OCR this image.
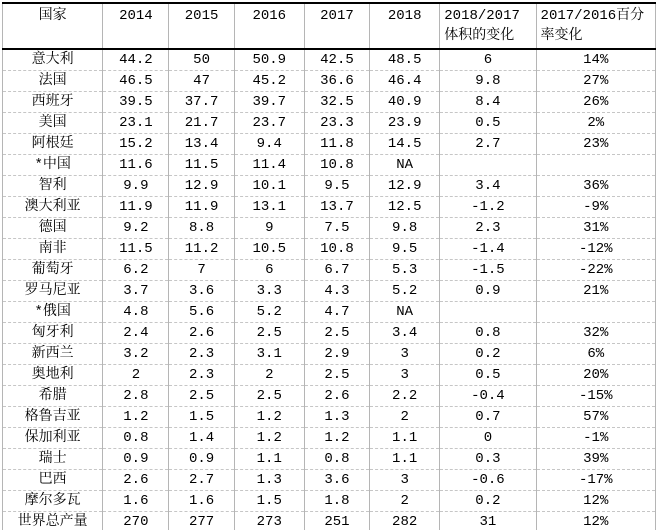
国家	2014	2015	2016	2017	2018	2018/2017体积的变化	2017/2016百分率变化
意大利	44.2	50	50.9	42.5	48.5	6	14%
法国	46.5	47	45.2	36.6	46.4	9.8	27%
西班牙	39.5	37.7	39.7	32.5	40.9	8.4	26%
美国	23.1	21.7	23.7	23.3	23.9	0.5	2%
阿根廷	15.2	13.4	9.4	11.8	14.5	2.7	23%
*中国	11.6	11.5	11.4	10.8	NA		
智利	9.9	12.9	10.1	9.5	12.9	3.4	36%
澳大利亚	11.9	11.9	13.1	13.7	12.5	-1.2	-9%
德国	9.2	8.8	9	7.5	9.8	2.3	31%
南非	11.5	11.2	10.5	10.8	9.5	-1.4	-12%
葡萄牙	6.2	7	6	6.7	5.3	-1.5	-22%
罗马尼亚	3.7	3.6	3.3	4.3	5.2	0.9	21%
*俄国	4.8	5.6	5.2	4.7	NA		
匈牙利	2.4	2.6	2.5	2.5	3.4	0.8	32%
新西兰	3.2	2.3	3.1	2.9	3	0.2	6%
奥地利	2	2.3	2	2.5	3	0.5	20%
希腊	2.8	2.5	2.5	2.6	2.2	-0.4	-15%
格鲁吉亚	1.2	1.5	1.2	1.3	2	0.7	57%
保加利亚	0.8	1.4	1.2	1.2	1.1	0	-1%
瑞士	0.9	0.9	1.1	0.8	1.1	0.3	39%
巴西	2.6	2.7	1.3	3.6	3	-0.6	-17%
摩尔多瓦	1.6	1.6	1.5	1.8	2	0.2	12%
世界总产量	270	277	273	251	282	31	12%
